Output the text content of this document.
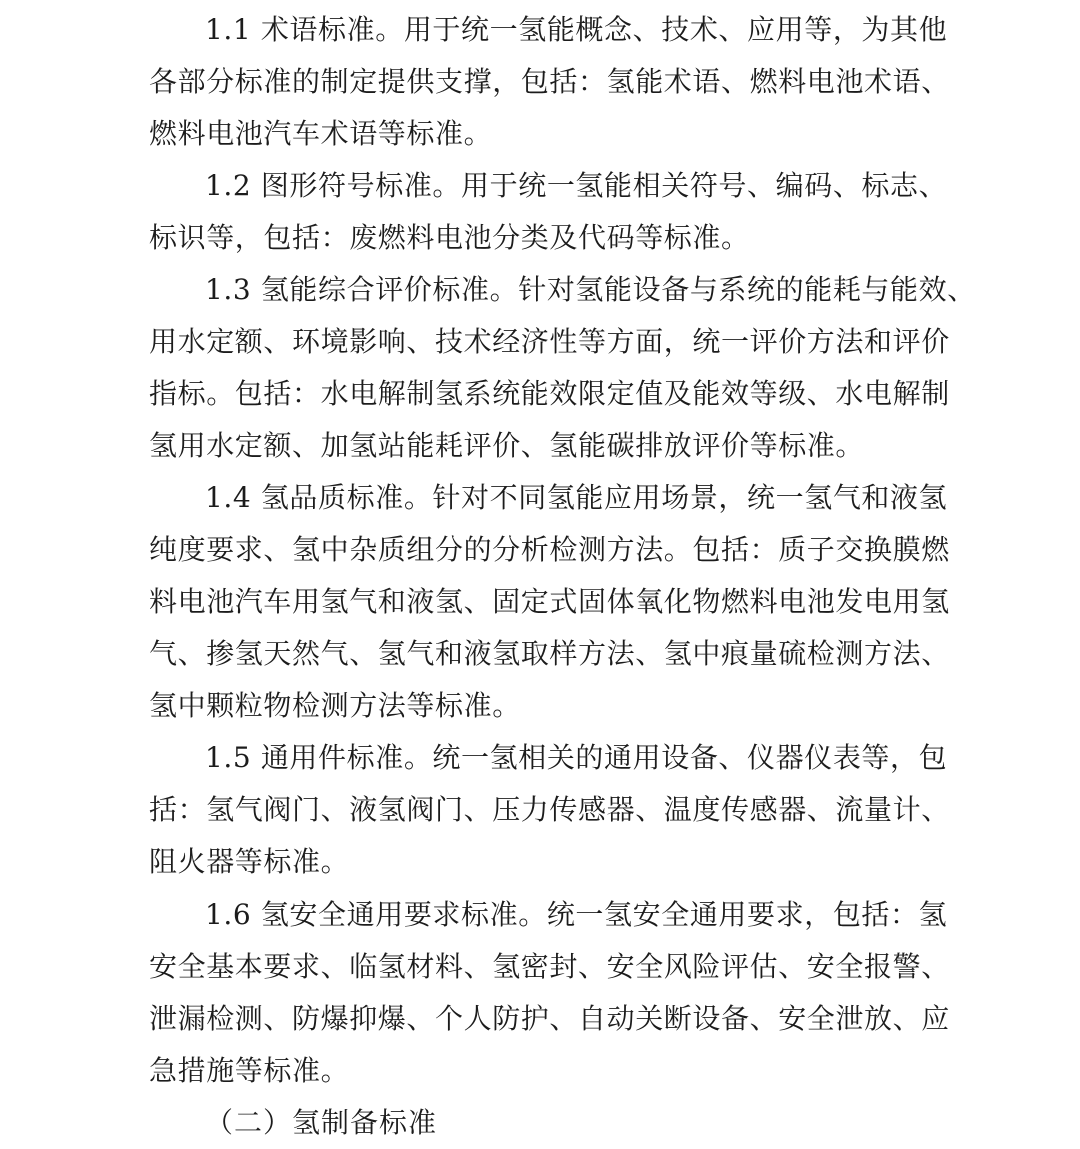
1.1 术语标准。用于统一氢能概念、技术、应用等，为其他
各部分标准的制定提供支撑，包括：氢能术语、燃料电池术语、
燃料电池汽车术语等标准。
1.2 图形符号标准。用于统一氢能相关符号、编码、标志、
标识等，包括：废燃料电池分类及代码等标准。
1.3 氢能综合评价标准。针对氢能设备与系统的能耗与能效、
用水定额、环境影响、技术经济性等方面，统一评价方法和评价
指标。包括：水电解制氢系统能效限定值及能效等级、水电解制
氢用水定额、加氢站能耗评价、氢能碳排放评价等标准。
1.4 氢品质标准。针对不同氢能应用场景，统一氢气和液氢
纯度要求、氢中杂质组分的分析检测方法。包括：质子交换膜燃
料电池汽车用氢气和液氢、固定式固体氧化物燃料电池发电用氢
气、掺氢天然气、氢气和液氢取样方法、氢中痕量硫检测方法、
氢中颗粒物检测方法等标准。
1.5 通用件标准。统一氢相关的通用设备、仪器仪表等，包
括：氢气阀门、液氢阀门、压力传感器、温度传感器、流量计、
阻火器等标准。
1.6 氢安全通用要求标准。统一氢安全通用要求，包括：氢
安全基本要求、临氢材料、氢密封、安全风险评估、安全报警、
泄漏检测、防爆抑爆、个人防护、自动关断设备、安全泄放、应
急措施等标准。
（二）氢制备标准
